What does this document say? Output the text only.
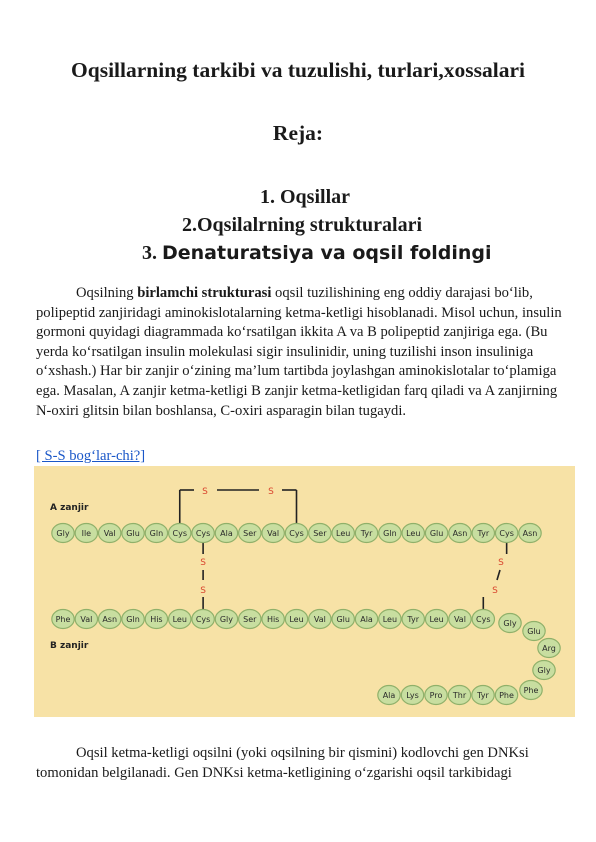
Oqsillarning tarkibi va tuzulishi, turlari,xossalari
Reja:

1. Oqsillar

2.Oqsilalrning strukturalari

3. Denaturatsiya va oqsil foldingi

Oqsilning birlamchi strukturasi oqsil tuzilishining eng oddiy darajasi bo‘lib, polipeptid zanjiridagi aminokislotalarning ketma-ketligi hisoblanadi. Misol uchun, insulin gormoni quyidagi diagrammada ko‘rsatilgan ikkita A va B polipeptid zanjiriga ega. (Bu yerda ko‘rsatilgan insulin molekulasi sigir insulinidir, uning tuzilishi inson insuliniga o‘xshash.) Har bir zanjir o‘zining ma’lum tartibda joylashgan aminokislotalar to‘plamiga ega. Masalan, A zanjir ketma-ketligi B zanjir ketma-ketligidan farq qiladi va A zanjirning N-oxiri glitsin bilan boshlansa, C-oxiri asparagin bilan tugaydi.

[ S-S bog‘lar-chi?]
S	S
S
S
S
S
Gly Ile Val Glu Gln Cys Cys Ala Ser Val Cys Ser Leu Tyr Gln Leu Glu Asn Tyr Cys Asn
Phe Val Asn Gln His Leu Cys Gly Ser His Leu Val Glu Ala Leu Tyr Leu Val Cys Gly
Glu
Arg
Gly
Phe
Ala Lys Pro Thr Tyr Phe
A zanjir
B zanjir

Oqsil ketma-ketligi oqsilni (yoki oqsilning bir qismini) kodlovchi gen DNKsi tomonidan belgilanadi. Gen DNKsi ketma-ketligining o‘zgarishi oqsil tarkibidagi
